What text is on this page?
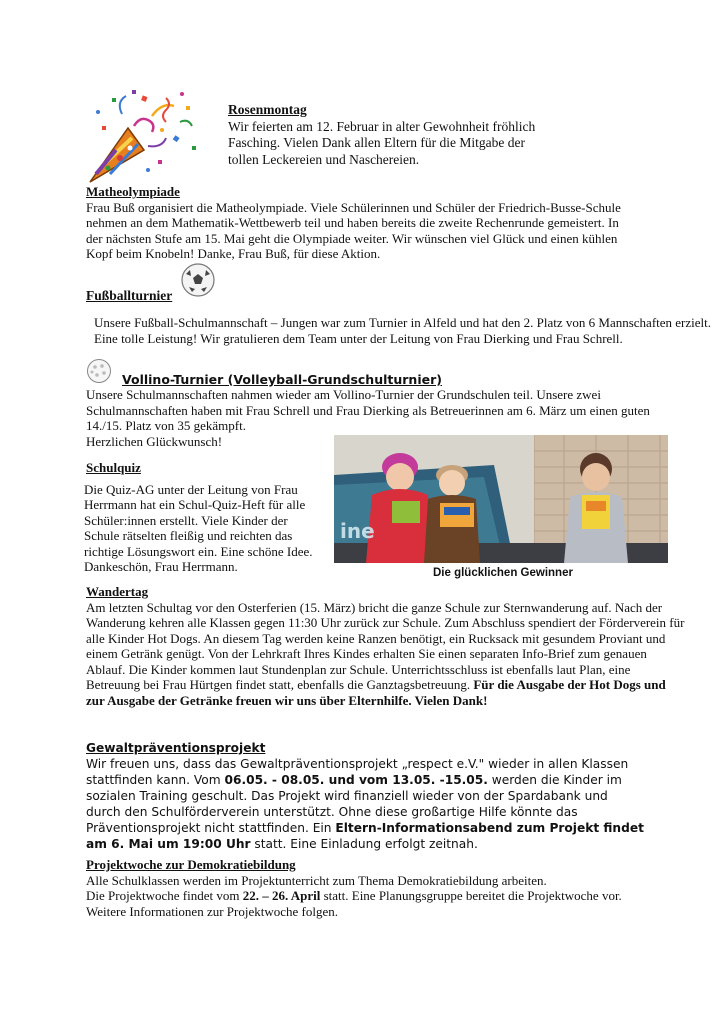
Rosenmontag

Wir feierten am 12. Februar in alter Gewohnheit fröhlich Fasching. Vielen Dank allen Eltern für die Mitgabe der tollen Leckereien und Naschereien.

Matheolympiade

Frau Buß organisiert die Matheolympiade. Viele Schülerinnen und Schüler der Friedrich-Busse-Schule nehmen an dem Mathematik-Wettbewerb teil und haben bereits die zweite Rechenrunde gemeistert. In der nächsten Stufe am 15. Mai geht die Olympiade weiter. Wir wünschen viel Glück und einen kühlen Kopf beim Knobeln! Danke, Frau Buß, für diese Aktion.

Fußballturnier
Unsere Fußball-Schulmannschaft – Jungen war zum Turnier in Alfeld und hat den 2. Platz von 6 Mannschaften erzielt. Eine tolle Leistung! Wir gratulieren dem Team unter der Leitung von Frau Dierking und Frau Schrell.
Vollino-Turnier (Volleyball-Grundschulturnier)

Unsere Schulmannschaften nahmen wieder am Vollino-Turnier der Grundschulen teil. Unsere zwei Schulmannschaften haben mit Frau Schrell und Frau Dierking als Betreuerinnen am 6. März um einen guten 14./15. Platz von 35 gekämpft.

Herzlichen Glückwunsch!

Schulquiz

Die Quiz-AG unter der Leitung von Frau Herrmann hat ein Schul-Quiz-Heft für alle Schüler:innen erstellt. Viele Kinder der Schule rätselten fleißig und reichten das richtige Lösungswort ein. Eine schöne Idee. Dankeschön, Frau Herrmann.

ine
Die glücklichen Gewinner

Wandertag

Am letzten Schultag vor den Osterferien (15. März) bricht die ganze Schule zur Sternwanderung auf. Nach der Wanderung kehren alle Klassen gegen 11:30 Uhr zurück zur Schule. Zum Abschluss spendiert der Förderverein für alle Kinder Hot Dogs. An diesem Tag werden keine Ranzen benötigt, ein Rucksack mit gesundem Proviant und einem Getränk genügt. Von der Lehrkraft Ihres Kindes erhalten Sie einen separaten Info-Brief zum genauen Ablauf. Die Kinder kommen laut Stundenplan zur Schule. Unterrichtsschluss ist ebenfalls laut Plan, eine Betreuung bei Frau Hürtgen findet statt, ebenfalls die Ganztagsbetreuung. Für die Ausgabe der Hot Dogs und zur Ausgabe der Getränke freuen wir uns über Elternhilfe. Vielen Dank!

Gewaltpräventionsprojekt

Wir freuen uns, dass das Gewaltpräventionsprojekt „respect e.V." wieder in allen Klassen stattfinden kann. Vom 06.05. - 08.05. und vom 13.05. -15.05. werden die Kinder im sozialen Training geschult. Das Projekt wird finanziell wieder von der Spardabank und durch den Schulförderverein unterstützt. Ohne diese großartige Hilfe könnte das Präventionsprojekt nicht stattfinden. Ein Eltern-Informationsabend zum Projekt findet am 6. Mai um 19:00 Uhr statt. Eine Einladung erfolgt zeitnah.

Projektwoche zur Demokratiebildung

Alle Schulklassen werden im Projektunterricht zum Thema Demokratiebildung arbeiten.

Die Projektwoche findet vom 22. – 26. April statt. Eine Planungsgruppe bereitet die Projektwoche vor. Weitere Informationen zur Projektwoche folgen.
